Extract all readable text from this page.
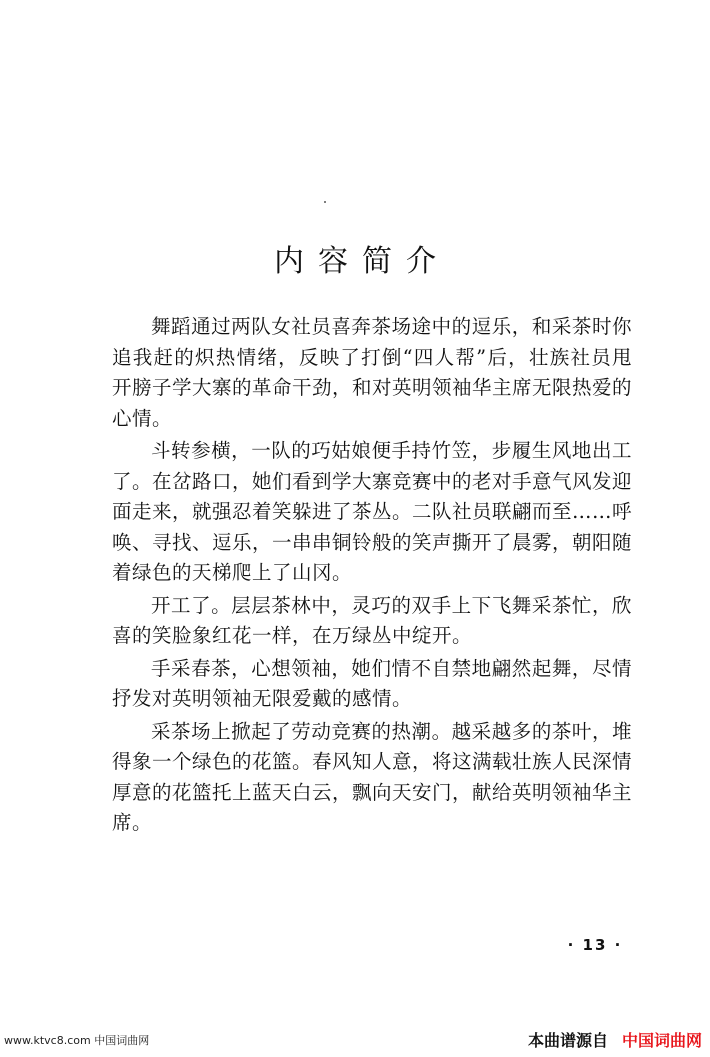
内容简介

舞蹈通过两队女社员喜奔茶场途中的逗乐，和采茶时你追我赶的炽热情绪，反映了打倒“四人帮”后，壮族社员甩开膀子学大寨的革命干劲，和对英明领袖华主席无限热爱的心情。

斗转参横，一队的巧姑娘便手持竹笠，步履生风地出工了。在岔路口，她们看到学大寨竞赛中的老对手意气风发迎面走来，就强忍着笑躲进了茶丛。二队社员联翩而至……呼唤、寻找、逗乐，一串串铜铃般的笑声撕开了晨雾，朝阳随着绿色的天梯爬上了山冈。

开工了。层层茶林中，灵巧的双手上下飞舞采茶忙，欣喜的笑脸象红花一样，在万绿丛中绽开。

手采春茶，心想领袖，她们情不自禁地翩然起舞，尽情抒发对英明领袖无限爱戴的感情。

采茶场上掀起了劳动竞赛的热潮。越采越多的茶叶，堆得象一个绿色的花篮。春风知人意，将这满载壮族人民深情厚意的花篮托上蓝天白云，飘向天安门，献给英明领袖华主席。

· 13 ·
www.ktvc8.com 中国词曲网	本曲谱源自 中国词曲网
